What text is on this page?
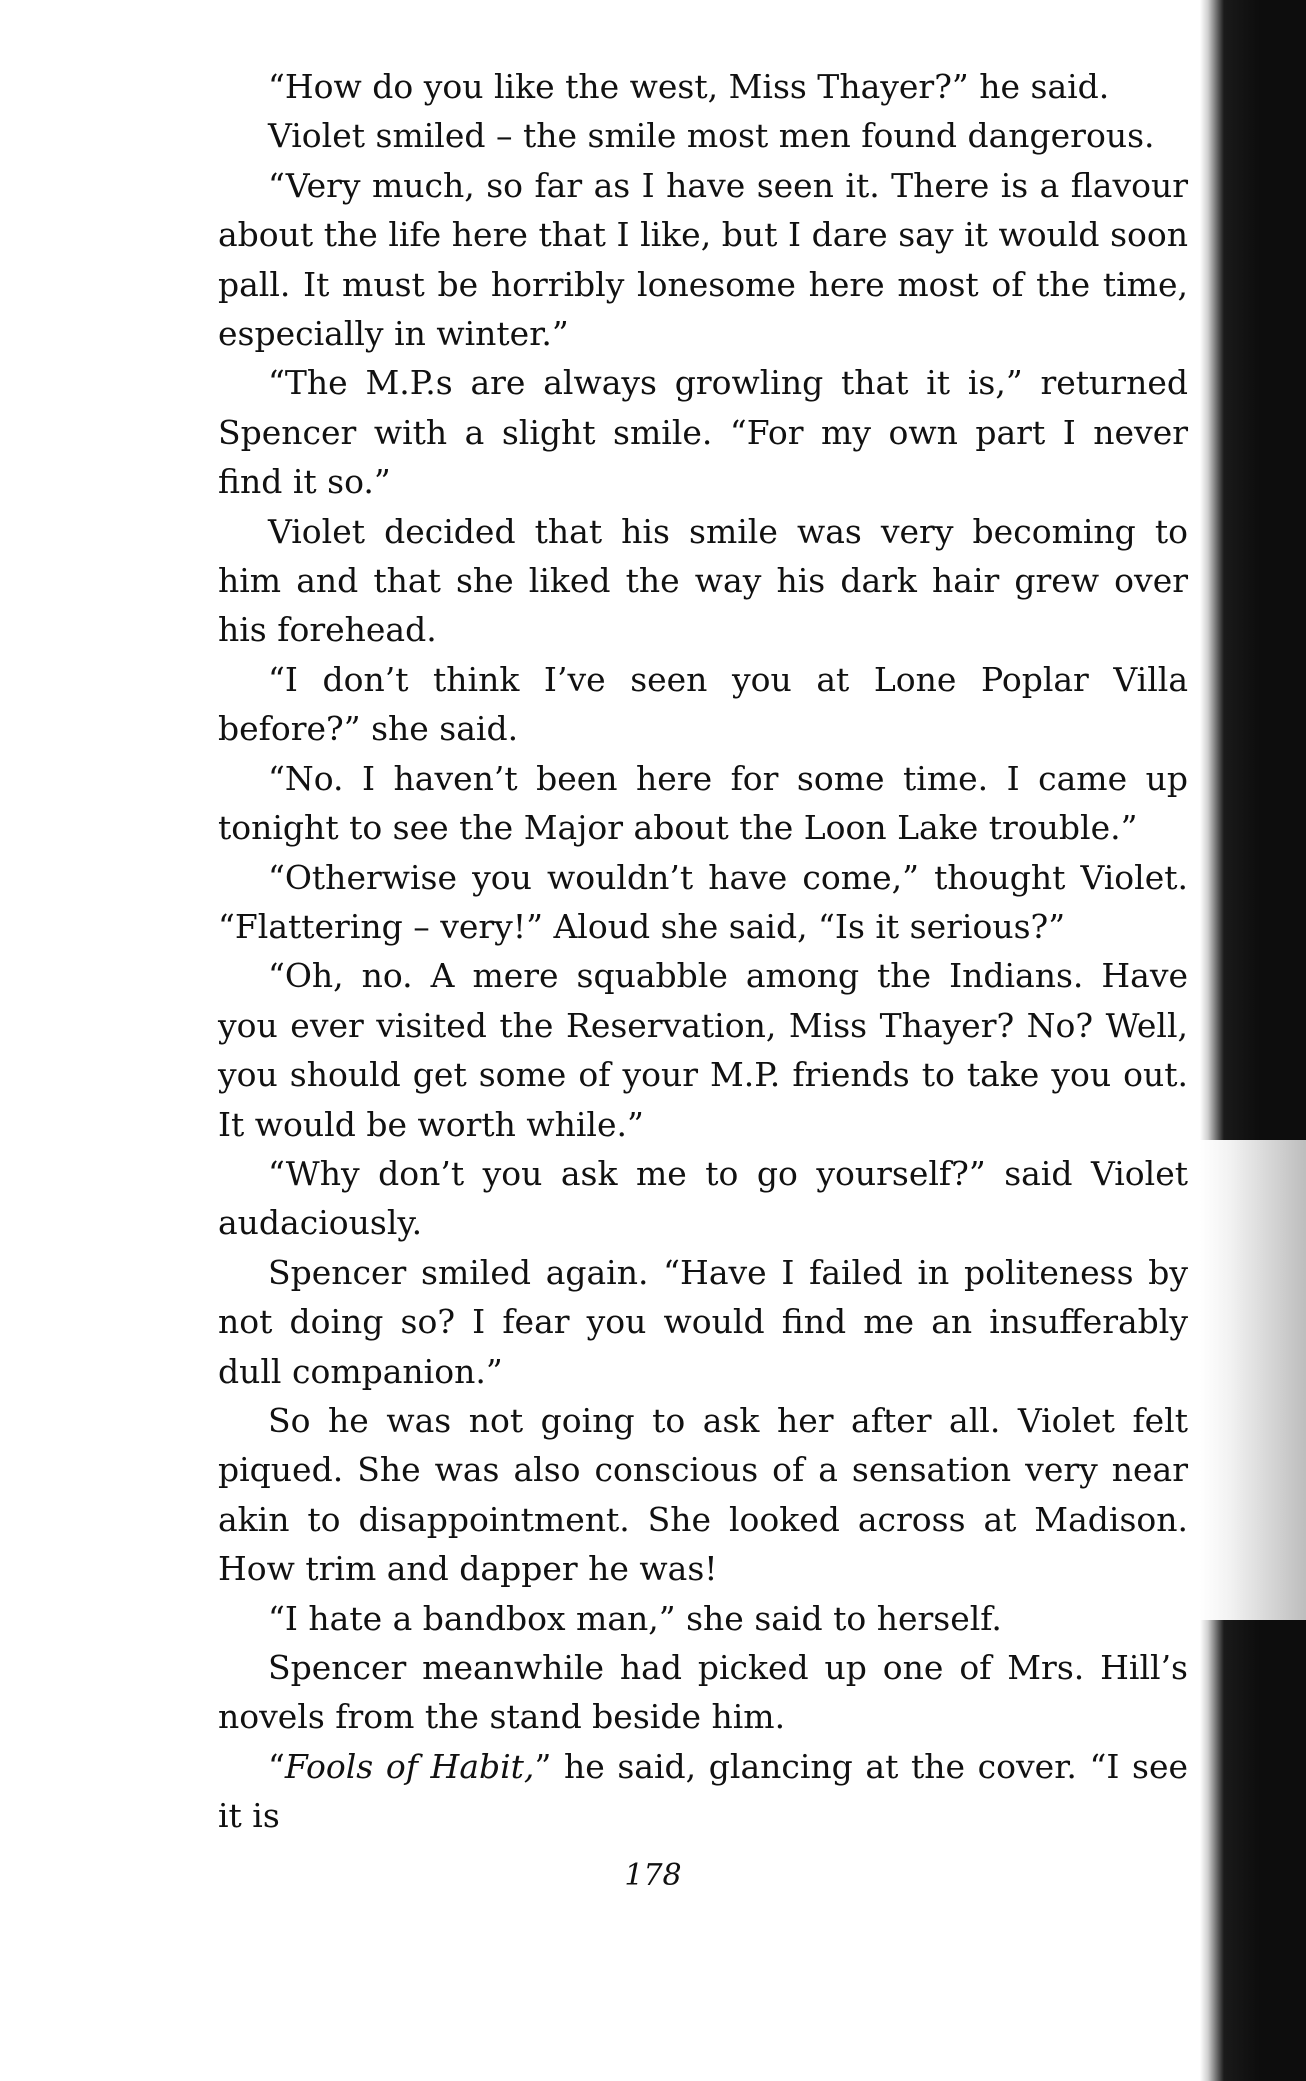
“How do you like the west, Miss Thayer?” he said.

Violet smiled – the smile most men found dangerous.

“Very much, so far as I have seen it. There is a flavour about the life here that I like, but I dare say it would soon pall. It must be horribly lonesome here most of the time, especially in winter.”

“The M.P.s are always growling that it is,” returned Spencer with a slight smile. “For my own part I never find it so.”

Violet decided that his smile was very becoming to him and that she liked the way his dark hair grew over his forehead.

“I don’t think I’ve seen you at Lone Poplar Villa before?” she said.

“No. I haven’t been here for some time. I came up tonight to see the Major about the Loon Lake trouble.”

“Otherwise you wouldn’t have come,” thought Violet. “Flattering – very!” Aloud she said, “Is it serious?”

“Oh, no. A mere squabble among the Indians. Have you ever visited the Reservation, Miss Thayer? No? Well, you should get some of your M.P. friends to take you out. It would be worth while.”

“Why don’t you ask me to go yourself?” said Violet audaciously.

Spencer smiled again. “Have I failed in politeness by not doing so? I fear you would find me an insufferably dull companion.”

So he was not going to ask her after all. Violet felt piqued. She was also conscious of a sensation very near akin to disappointment. She looked across at Madison. How trim and dapper he was!

“I hate a bandbox man,” she said to herself.

Spencer meanwhile had picked up one of Mrs. Hill’s novels from the stand beside him.

“Fools of Habit,” he said, glancing at the cover. “I see it is

178
